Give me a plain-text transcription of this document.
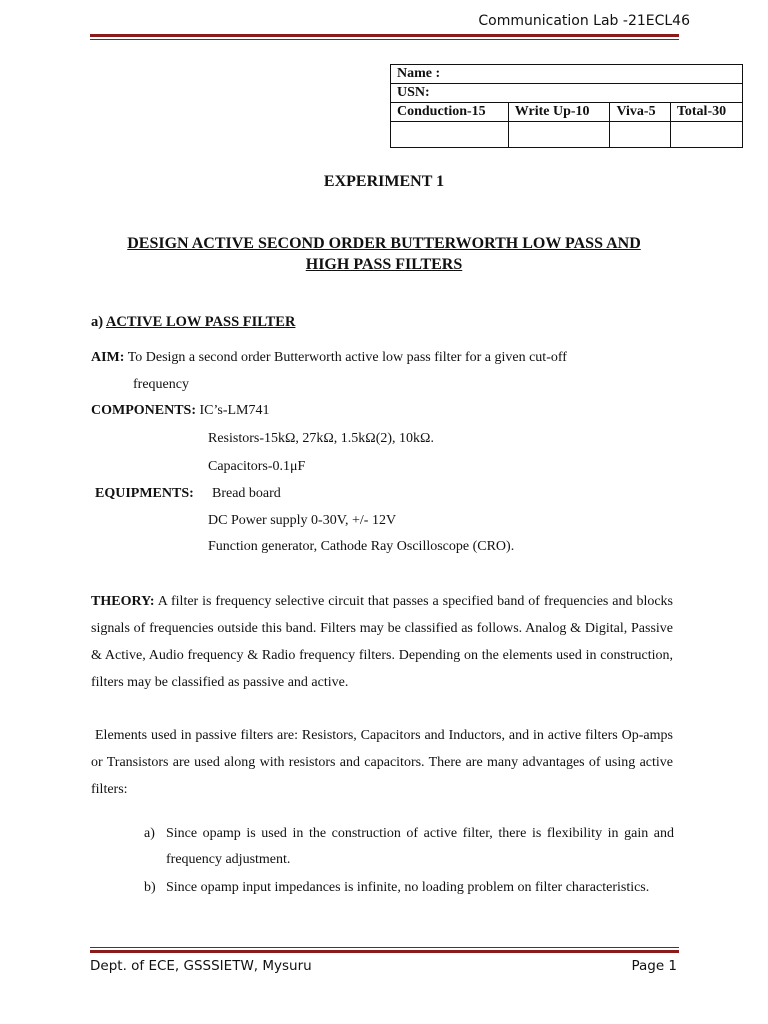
Communication Lab -21ECL46
Name :			
USN:			
Conduction-15	Write Up-10	Viva-5	Total-30

EXPERIMENT 1
DESIGN ACTIVE SECOND ORDER BUTTERWORTH LOW PASS AND
HIGH PASS FILTERS
a) ACTIVE LOW PASS FILTER
AIM: To Design a second order Butterworth active low pass filter for a given cut-off
frequency
COMPONENTS: IC’s-LM741
Resistors-15kΩ, 27kΩ, 1.5kΩ(2), 10kΩ.
Capacitors-0.1μF
EQUIPMENTS: Bread board
DC Power supply 0-30V, +/- 12V
Function generator, Cathode Ray Oscilloscope (CRO).
THEORY: A filter is frequency selective circuit that passes a specified band of frequencies and blocks signals of frequencies outside this band. Filters may be classified as follows. Analog & Digital, Passive & Active, Audio frequency & Radio frequency filters. Depending on the elements used in construction, filters may be classified as passive and active.
Elements used in passive filters are: Resistors, Capacitors and Inductors, and in active filters Op-amps or Transistors are used along with resistors and capacitors. There are many advantages of using active filters:
a) Since opamp is used in the construction of active filter, there is flexibility in gain and frequency adjustment.
b) Since opamp input impedances is infinite, no loading problem on filter characteristics.
Dept. of ECE, GSSSIETW, Mysuru	Page 1
